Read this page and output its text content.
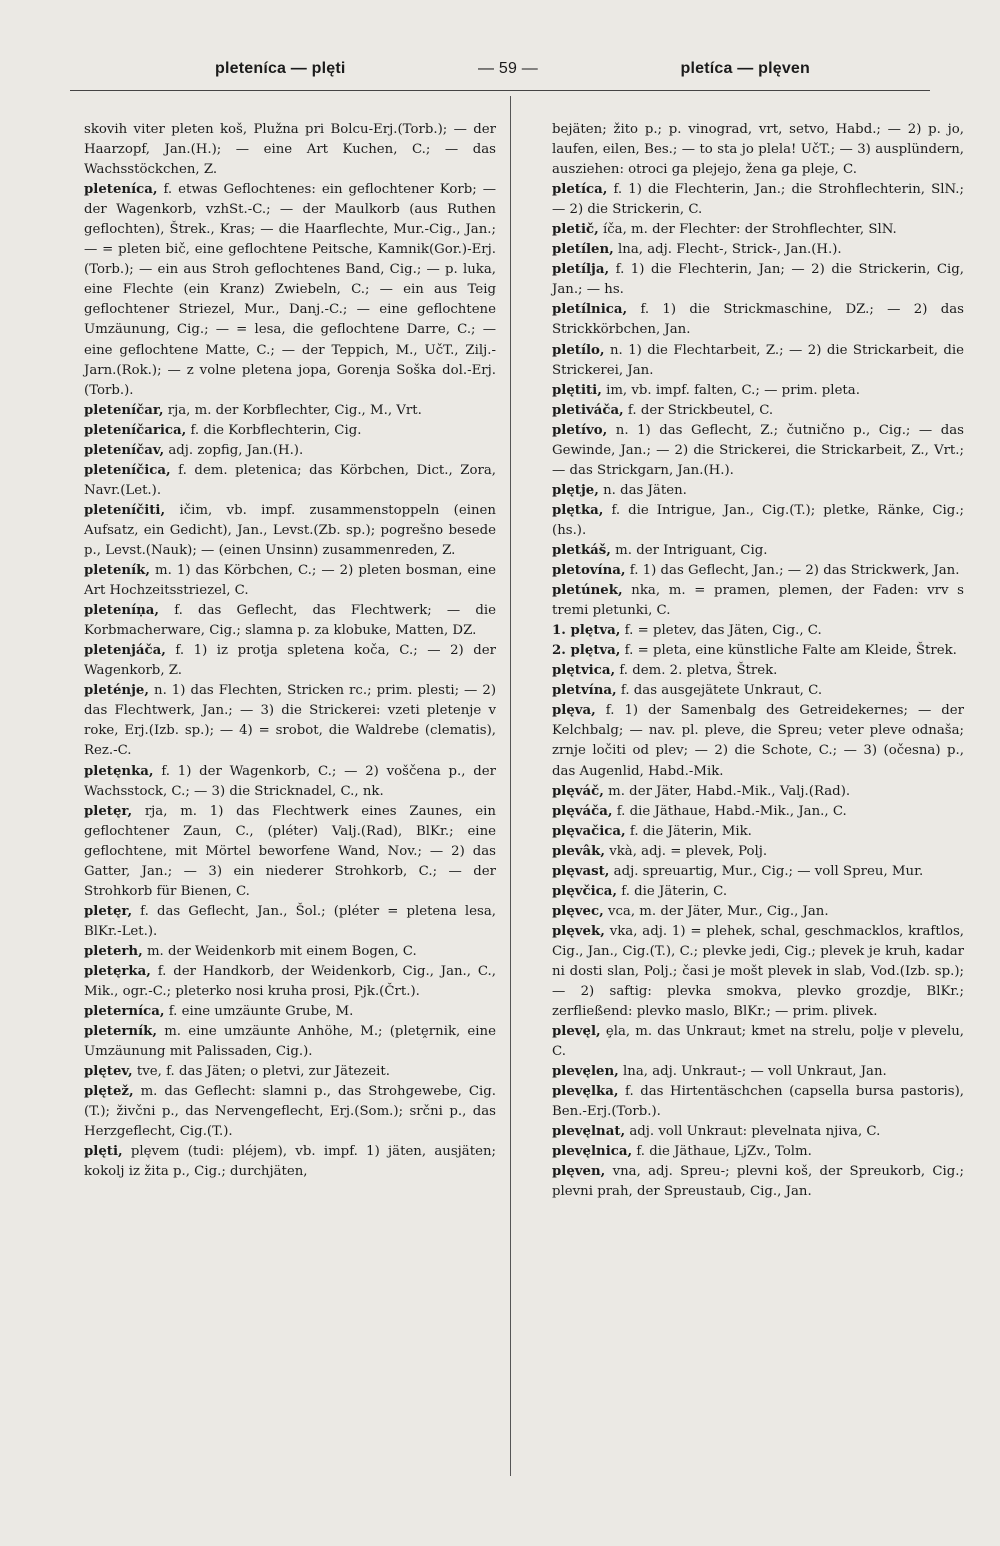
pleteníca — plęti	— 59 —	pletíca — plęven

skovih viter pleten koš, Plužna pri Bolcu-Erj.(Torb.); — der Haarzopf, Jan.(H.); — eine Art Kuchen, C.; — das Wachsstöckchen, Z.

pleteníca, f. etwas Geflochtenes: ein geflochtener Korb; — der Wagenkorb, vzhSt.-C.; — der Maulkorb (aus Ruthen geflochten), Štrek., Kras; — die Haarflechte, Mur.-Cig., Jan.; — = pleten bič, eine geflochtene Peitsche, Kamnik(Gor.)-Erj.(Torb.); — ein aus Stroh geflochtenes Band, Cig.; — p. luka, eine Flechte (ein Kranz) Zwiebeln, C.; — ein aus Teig geflochtener Striezel, Mur., Danj.-C.; — eine geflochtene Umzäunung, Cig.; — = lesa, die geflochtene Darre, C.; — eine geflochtene Matte, C.; — der Teppich, M., UčT., Zilj.-Jarn.(Rok.); — z volne pletena jopa, Gorenja Soška dol.-Erj.(Torb.).

pleteníčar, rja, m. der Korbflechter, Cig., M., Vrt.

pleteníčarica, f. die Korbflechterin, Cig.

pleteníčav, adj. zopfig, Jan.(H.).

pleteníčica, f. dem. pletenica; das Körbchen, Dict., Zora, Navr.(Let.).

pleteníčiti, ičim, vb. impf. zusammenstoppeln (einen Aufsatz, ein Gedicht), Jan., Levst.(Zb. sp.); pogrešno besede p., Levst.(Nauk); — (einen Unsinn) zusammenreden, Z.

pleteník, m. 1) das Körbchen, C.; — 2) pleten bosman, eine Art Hochzeitsstriezel, C.

pleteníṇa, f. das Geflecht, das Flechtwerk; — die Korbmacherware, Cig.; slamna p. za klobuke, Matten, DZ.

pletenjáča, f. 1) iz protja spletena koča, C.; — 2) der Wagenkorb, Z.

pleténje, n. 1) das Flechten, Stricken rc.; prim. plesti; — 2) das Flechtwerk, Jan.; — 3) die Strickerei: vzeti pletenje v roke, Erj.(Izb. sp.); — 4) = srobot, die Waldrebe (clematis), Rez.-C.

pletęnka, f. 1) der Wagenkorb, C.; — 2) voščena p., der Wachsstock, C.; — 3) die Stricknadel, C., nk.

pletęr, rja, m. 1) das Flechtwerk eines Zaunes, ein geflochtener Zaun, C., (pléter) Valj.(Rad), BlKr.; eine geflochtene, mit Mörtel beworfene Wand, Nov.; — 2) das Gatter, Jan.; — 3) ein niederer Strohkorb, C.; — der Strohkorb für Bienen, C.

pletęr, f. das Geflecht, Jan., Šol.; (pléter = pletena lesa, BlKr.-Let.).

pleterh, m. der Weidenkorb mit einem Bogen, C.

pletęrka, f. der Handkorb, der Weidenkorb, Cig., Jan., C., Mik., ogr.-C.; pleterko nosi kruha prosi, Pjk.(Črt.).

pleterníca, f. eine umzäunte Grube, M.

pleterník, m. eine umzäunte Anhöhe, M.; (pletḙrnik, eine Umzäunung mit Palissaden, Cig.).

plętev, tve, f. das Jäten; o pletvi, zur Jätezeit.

plętež, m. das Geflecht: slamni p., das Strohgewebe, Cig.(T.); živčni p., das Nervengeflecht, Erj.(Som.); srčni p., das Herzgeflecht, Cig.(T.).

plęti, plęvem (tudi: pléjem), vb. impf. 1) jäten, ausjäten; kokolj iz žita p., Cig.; durchjäten,

bejäten; žito p.; p. vinograd, vrt, setvo, Habd.; — 2) p. jo, laufen, eilen, Bes.; — to sta jo plela! UčT.; — 3) ausplündern, ausziehen: otroci ga plejejo, žena ga pleje, C.

pletíca, f. 1) die Flechterin, Jan.; die Strohflechterin, SlN.; — 2) die Strickerin, C.

pletič, íča, m. der Flechter: der Strohflechter, SlN.

pletílen, lna, adj. Flecht-, Strick-, Jan.(H.).

pletílja, f. 1) die Flechterin, Jan; — 2) die Strickerin, Cig, Jan.; — hs.

pletílnica, f. 1) die Strickmaschine, DZ.; — 2) das Strickkörbchen, Jan.

pletílo, n. 1) die Flechtarbeit, Z.; — 2) die Strickarbeit, die Strickerei, Jan.

plętiti, im, vb. impf. falten, C.; — prim. pleta.

pletiváča, f. der Strickbeutel, C.

pletívo, n. 1) das Geflecht, Z.; čutnično p., Cig.; — das Gewinde, Jan.; — 2) die Strickerei, die Strickarbeit, Z., Vrt.; — das Strickgarn, Jan.(H.).

plętje, n. das Jäten.

plętka, f. die Intrigue, Jan., Cig.(T.); pletke, Ränke, Cig.; (hs.).

pletkáš, m. der Intriguant, Cig.

pletovína, f. 1) das Geflecht, Jan.; — 2) das Strickwerk, Jan.

pletúnek, nka, m. = pramen, plemen, der Faden: vrv s tremi pletunki, C.

1. plętva, f. = pletev, das Jäten, Cig., C.

2. plętva, f. = pleta, eine künstliche Falte am Kleide, Štrek.

plętvica, f. dem. 2. pletva, Štrek.

pletvína, f. das ausgejätete Unkraut, C.

plęva, f. 1) der Samenbalg des Getreidekernes; — der Kelchbalg; — nav. pl. pleve, die Spreu; veter pleve odnaša; zrnje ločiti od plev; — 2) die Schote, C.; — 3) (očesna) p., das Augenlid, Habd.-Mik.

plęváč, m. der Jäter, Habd.-Mik., Valj.(Rad).

plęváča, f. die Jäthaue, Habd.-Mik., Jan., C.

plęvačica, f. die Jäterin, Mik.

plevâk, vkà, adj. = plevek, Polj.

plęvast, adj. spreuartig, Mur., Cig.; — voll Spreu, Mur.

plęvčica, f. die Jäterin, C.

plęvec, vca, m. der Jäter, Mur., Cig., Jan.

plęvek, vka, adj. 1) = plehek, schal, geschmacklos, kraftlos, Cig., Jan., Cig.(T.), C.; plevke jedi, Cig.; plevek je kruh, kadar ni dosti slan, Polj.; časi je mošt plevek in slab, Vod.(Izb. sp.); — 2) saftig: plevka smokva, plevko grozdje, BlKr.; zerfließend: plevko maslo, BlKr.; — prim. plivek.

plevęl, ȩla, m. das Unkraut; kmet na strelu, polje v plevelu, C.

plevęlen, lna, adj. Unkraut-; — voll Unkraut, Jan.

plevęlka, f. das Hirtentäschchen (capsella bursa pastoris), Ben.-Erj.(Torb.).

plevęlnat, adj. voll Unkraut: plevelnata njiva, C.

plevęlnica, f. die Jäthaue, LjZv., Tolm.

plęven, vna, adj. Spreu-; plevni koš, der Spreukorb, Cig.; plevni prah, der Spreustaub, Cig., Jan.
